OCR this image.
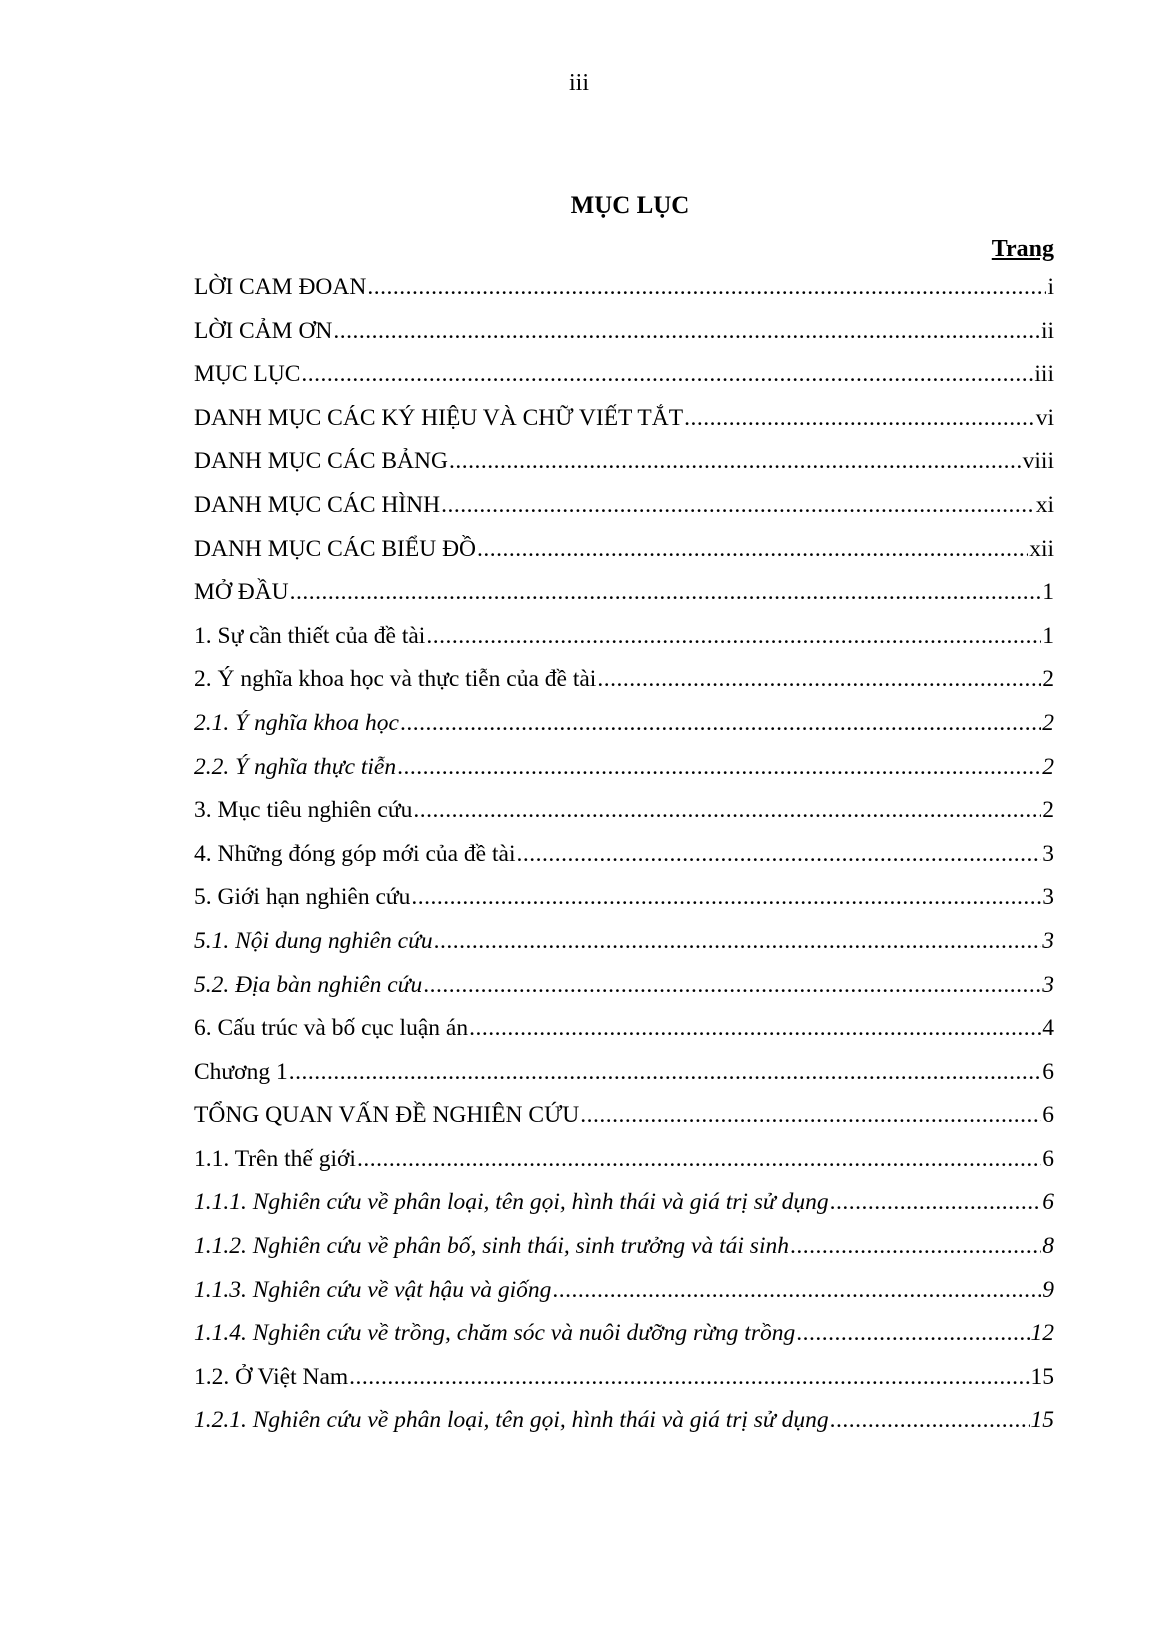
iii
MỤC LỤC
Trang
LỜI CAM ĐOAN .....	i
LỜI CẢM ƠN .....	ii
MỤC LỤC .....	iii
DANH MỤC CÁC KÝ HIỆU VÀ CHỮ VIẾT TẮT .....	vi
DANH MỤC CÁC BẢNG .....	viii
DANH MỤC CÁC HÌNH .....	xi
DANH MỤC CÁC BIỂU ĐỒ .....	xii
MỞ ĐẦU .....	1
1. Sự cần thiết của đề tài .....	1
2. Ý nghĩa khoa học và thực tiễn của đề tài .....	2
2.1. Ý nghĩa khoa học .....	2
2.2. Ý nghĩa thực tiễn .....	2
3. Mục tiêu nghiên cứu .....	2
4. Những đóng góp mới của đề tài .....	3
5. Giới hạn nghiên cứu .....	3
5.1. Nội dung nghiên cứu .....	3
5.2. Địa bàn nghiên cứu .....	3
6. Cấu trúc và bố cục luận án .....	4
Chương 1 .....	6
TỔNG QUAN VẤN ĐỀ NGHIÊN CỨU .....	6
1.1. Trên thế giới .....	6
1.1.1. Nghiên cứu về phân loại, tên gọi, hình thái và giá trị sử dụng .....	6
1.1.2. Nghiên cứu về phân bố, sinh thái, sinh trưởng và tái sinh .....	8
1.1.3. Nghiên cứu về vật hậu và giống .....	9
1.1.4. Nghiên cứu về trồng, chăm sóc và nuôi dưỡng rừng trồng .....	12
1.2. Ở Việt Nam .....	15
1.2.1. Nghiên cứu về phân loại, tên gọi, hình thái và giá trị sử dụng .....	15
